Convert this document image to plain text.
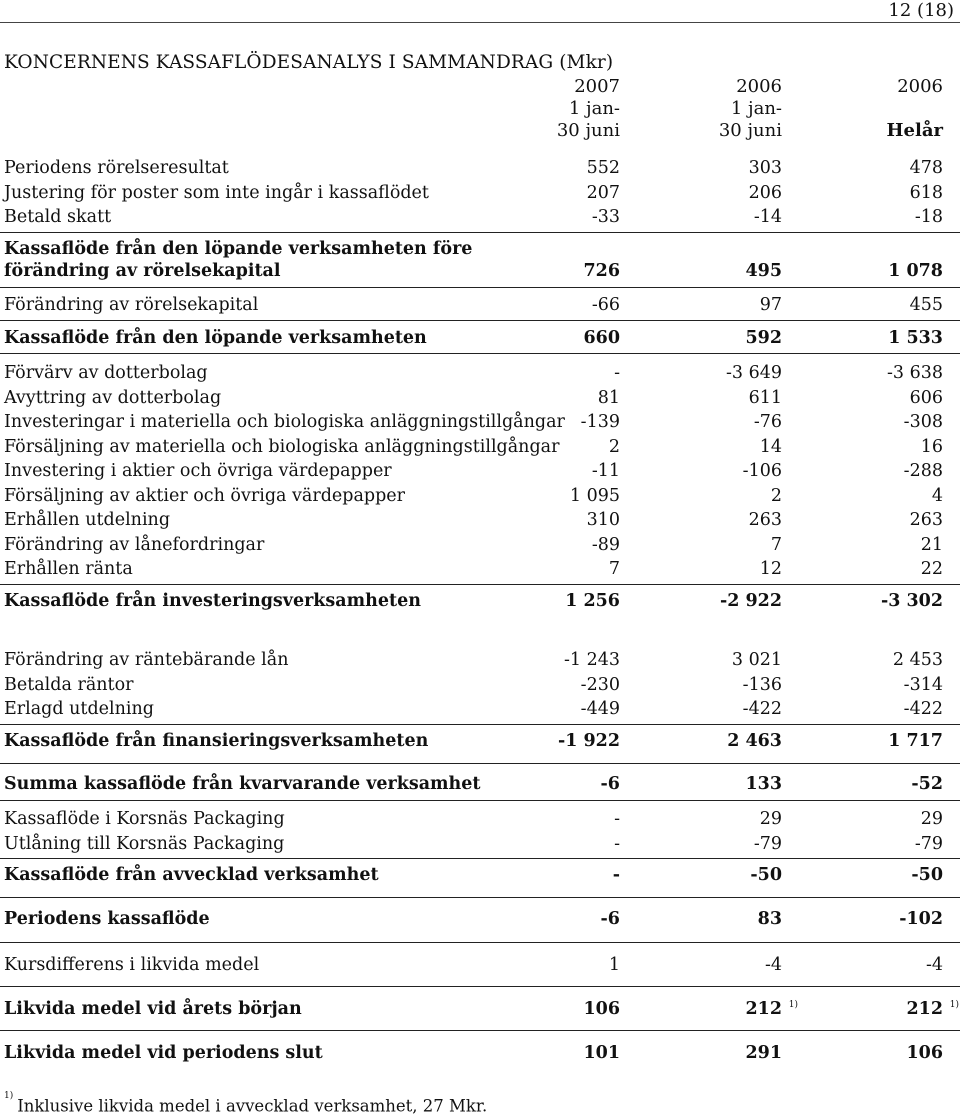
12 (18)
KONCERNENS KASSAFLÖDESANALYS I SAMMANDRAG (Mkr)
2007
1 jan-
30 juni
2006
1 jan-
30 juni
2006
Helår
Periodens rörelseresultat	552	303	478
Justering för poster som inte ingår i kassaflödet	207	206	618
Betald skatt	-33	-14	-18
Kassaflöde från den löpande verksamheten före
förändring av rörelsekapital	726	495	1 078
Förändring av rörelsekapital	-66	97	455
Kassaflöde från den löpande verksamheten	660	592	1 533
Förvärv av dotterbolag	-	-3 649	-3 638
Avyttring av dotterbolag	81	611	606
Investeringar i materiella och biologiska anläggningstillgångar -139	-76	-308
Försäljning av materiella och biologiska anläggningstillgångar	2	14	16
Investering i aktier och övriga värdepapper	-11	-106	-288
Försäljning av aktier och övriga värdepapper	1 095	2	4
Erhållen utdelning	310	263	263
Förändring av lånefordringar	-89	7	21
Erhållen ränta	7	12	22
Kassaflöde från investeringsverksamheten	1 256	-2 922	-3 302
Förändring av räntebärande lån	-1 243	3 021	2 453
Betalda räntor	-230	-136	-314
Erlagd utdelning	-449	-422	-422
Kassaflöde från finansieringsverksamheten	-1 922	2 463	1 717
Summa kassaflöde från kvarvarande verksamhet	-6	133	-52
Kassaflöde i Korsnäs Packaging	-	29	29
Utlåning till Korsnäs Packaging	-	-79	-79
Kassaflöde från avvecklad verksamhet	-	-50	-50
Periodens kassaflöde	-6	83	-102
Kursdifferens i likvida medel	1	-4	-4
Likvida medel vid årets början	106	212 1)	212 1)
Likvida medel vid periodens slut	101	291	106
$^{1)}$Inklusive likvida medel i avvecklad verksamhet, 27 Mkr.
